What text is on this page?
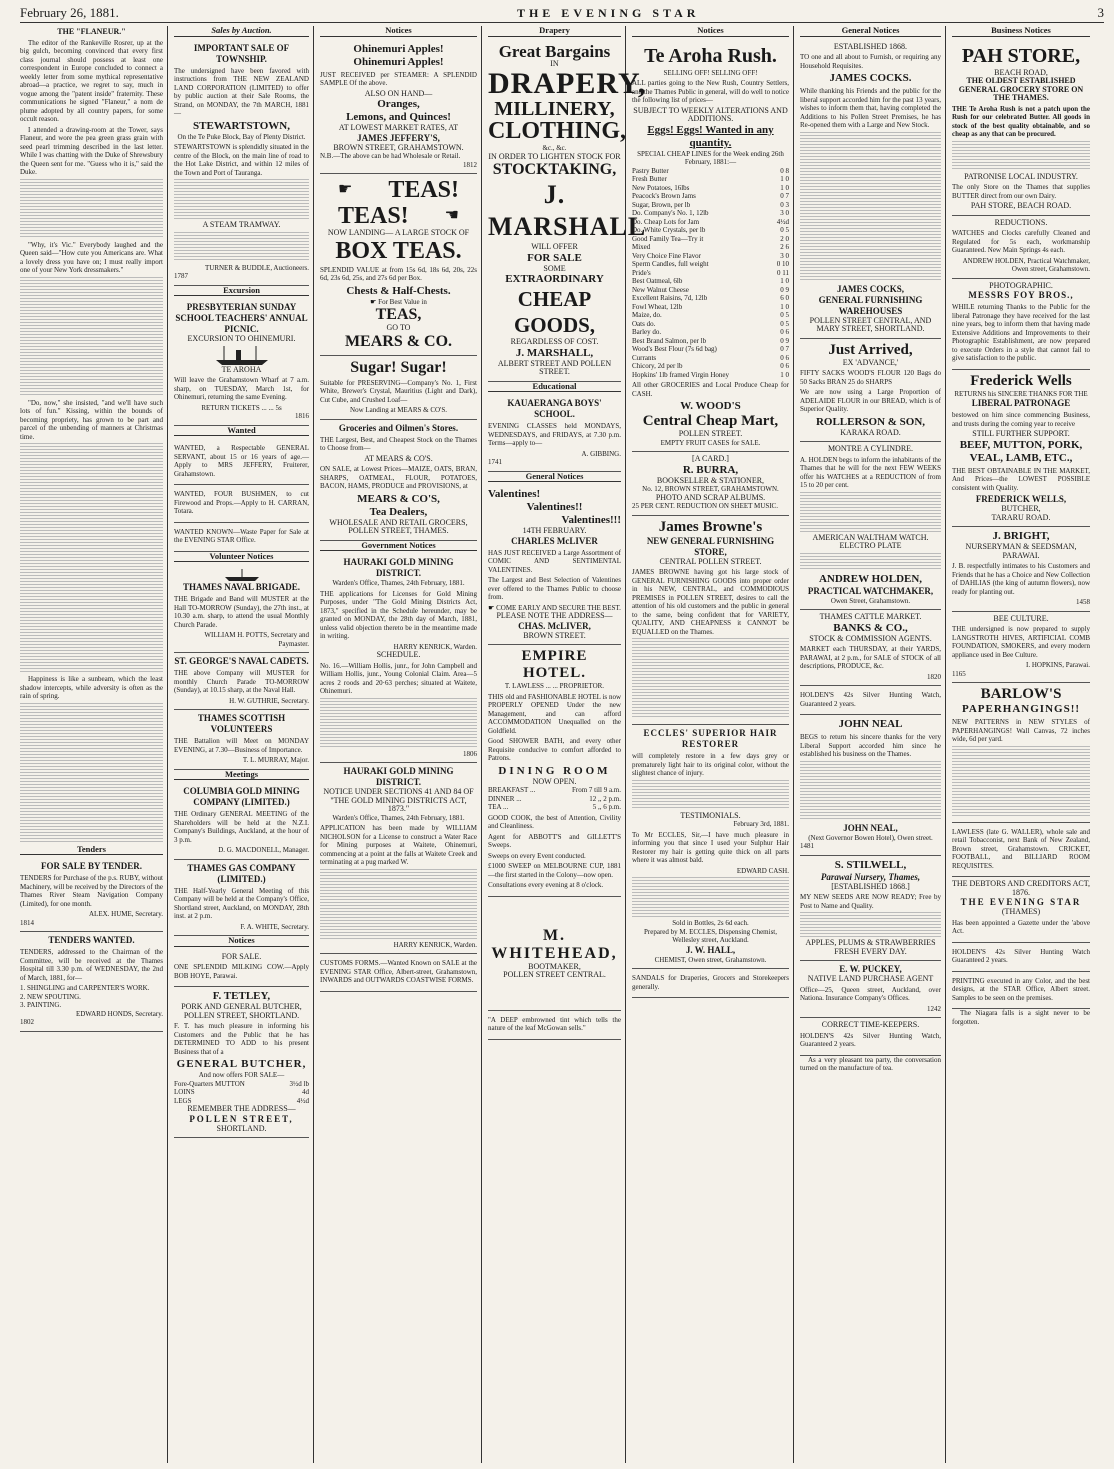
February 26, 1881.	THE EVENING STAR	3
THE "FLANEUR."

The editor of the Rankeville Rosrer, up at the big gulch, becoming convinced that every first class journal should possess at least one correspondent in Europe concluded to connect a weekly letter from some mythical representative abroad—a practice, we regret to say, much in vogue among the "patent inside" fraternity. These communications he signed "Flaneur," a nom de plume adopted by all country papers, for some occult reason.

I attended a drawing-room at the Tower, says Flaneur, and wore the pea green grass grain with seed pearl trimming described in the last letter. While I was chatting with the Duke of Shrewsbury the Queen sent for me. "Guess who it is," said the Duke.

"Why, it's Vic." Everybody laughed and the Queen said—"How cute you Americans are. What a lovely dress you have on; I must really import one of your New York dressmakers."

"Do, now," she insisted, "and we'll have such lots of fun." Kissing, within the bounds of becoming propriety, has grown to be part and parcel of the unbending of manners at Christmas time.

Happiness is like a sunbeam, which the least shadow intercepts, while adversity is often as the rain of spring.

Tenders
FOR SALE BY TENDER.

TENDERS for Purchase of the p.s. RUBY, without Machinery, will be received by the Directors of the Thames River Steam Navigation Company (Limited), for one month.

ALEX. HUME, Secretary.
1814
TENDERS WANTED.

TENDERS, addressed to the Chairman of the Committee, will be received at the Thames Hospital till 3.30 p.m. of WEDNESDAY, the 2nd of March, 1881, for—

1. SHINGLING and CARPENTER'S WORK.
2. NEW SPOUTING.
3. PAINTING.
EDWARD HONDS, Secretary.
1802
Sales by Auction.
IMPORTANT SALE OF TOWNSHIP.

The undersigned have been favored with instructions from THE NEW ZEALAND LAND CORPORATION (LIMITED) to offer by public auction at their Sale Rooms, the Strand, on MONDAY, the 7th MARCH, 1881—

STEWARTSTOWN,
On the Te Puke Block, Bay of Plenty District.

STEWARTSTOWN is splendidly situated in the centre of the Block, on the main line of road to the Hot Lake District, and within 12 miles of the Town and Port of Tauranga.

A STEAM TRAMWAY.
TURNER & BUDDLE, Auctioneers.
1787
Excursion
PRESBYTERIAN SUNDAY SCHOOL TEACHERS' ANNUAL PICNIC.
EXCURSION TO OHINEMURI.
TE AROHA

Will leave the Grahamstown Wharf at 7 a.m. sharp, on TUESDAY, March 1st, for Ohinemuri, returning the same Evening.

RETURN TICKETS ... ... 5s
1816
Wanted

WANTED, a Respectable GENERAL SERVANT, about 15 or 16 years of age.—Apply to MRS JEFFERY, Fruiterer, Grahamstown.

WANTED, FOUR BUSHMEN, to cut Firewood and Props.—Apply to H. CARRAN, Totara.

WANTED KNOWN—Waste Paper for Sale at the EVENING STAR Office.

Volunteer Notices
THAMES NAVAL BRIGADE.

THE Brigade and Band will MUSTER at the Hall TO-MORROW (Sunday), the 27th inst., at 10.30 a.m. sharp, to attend the usual Monthly Church Parade.

WILLIAM H. POTTS, Secretary and Paymaster.
ST. GEORGE'S NAVAL CADETS.

THE above Company will MUSTER for monthly Church Parade TO-MORROW (Sunday), at 10.15 sharp, at the Naval Hall.

H. W. GUTHRIE, Secretary.
THAMES SCOTTISH VOLUNTEERS

THE Battalion will Meet on MONDAY EVENING, at 7.30—Business of Importance.

T. L. MURRAY, Major.
Meetings
COLUMBIA GOLD MINING COMPANY (LIMITED.)

THE Ordinary GENERAL MEETING of the Shareholders will be held at the N.Z.I. Company's Buildings, Auckland, at the hour of 3 p.m.

D. G. MACDONELL, Manager.
THAMES GAS COMPANY (LIMITED.)

THE Half-Yearly General Meeting of this Company will be held at the Company's Office, Shortland street, Auckland, on MONDAY, 28th inst. at 2 p.m.

F. A. WHITE, Secretary.
Notices
FOR SALE.

ONE SPLENDID MILKING COW.—Apply BOB HOYE, Parawai.

F. TETLEY,
PORK AND GENERAL BUTCHER, POLLEN STREET, SHORTLAND.

F. T. has much pleasure in informing his Customers and the Public that he has DETERMINED TO ADD to his present Business that of a

GENERAL BUTCHER,
And now offers FOR SALE—
Fore-Quarters MUTTON	3½d lb
LOINS	4d
LEGS	4½d
REMEMBER THE ADDRESS—
POLLEN STREET,
SHORTLAND.
Notices
Ohinemuri Apples!
Ohinemuri Apples!

JUST RECEIVED per STEAMER: A SPLENDID SAMPLE Of the above.

ALSO ON HAND—
Oranges,
Lemons, and Quinces!
AT LOWEST MARKET RATES, AT
JAMES JEFFERY'S,
BROWN STREET, GRAHAMSTOWN.
N.B.—The above can be had Wholesale or Retail.
1812
☛ TEAS!
TEAS! ☚
NOW LANDING— A LARGE STOCK OF
BOX TEAS.

SPLENDID VALUE at from 15s 6d, 18s 6d, 20s, 22s 6d, 23s 6d, 25s, and 27s 6d per Box.

Chests & Half-Chests.
☛ For Best Value in
TEAS,
GO TO
MEARS & CO.
Sugar! Sugar!

Suitable for PRESERVING—Company's No. 1, First White, Brewer's Crystal, Mauritius (Light and Dark), Cut Cube, and Crushed Loaf—

Now Landing at MEARS & CO'S.
Groceries and Oilmen's Stores.

THE Largest, Best, and Cheapest Stock on the Thames to Choose from—

AT MEARS & CO'S.

ON SALE, at Lowest Prices—MAIZE, OATS, BRAN, SHARPS, OATMEAL, FLOUR, POTATOES, BACON, HAMS, PRODUCE and PROVISIONS, at

MEARS & CO'S,
Tea Dealers,
WHOLESALE AND RETAIL GROCERS, POLLEN STREET, THAMES.
Government Notices
HAURAKI GOLD MINING DISTRICT.
Warden's Office, Thames, 24th February, 1881.

THE applications for Licenses for Gold Mining Purposes, under "The Gold Mining Districts Act, 1873," specified in the Schedule hereunder, may be granted on MONDAY, the 28th day of March, 1881, unless valid objection thereto be in the meantime made in writing.

HARRY KENRICK, Warden.
SCHEDULE.

No. 16.—William Hollis, junr., for John Campbell and William Hollis, junr., Young Colonial Claim. Area—5 acres 2 roods and 20·63 perches; situated at Waitete, Ohinemuri.

1806
HAURAKI GOLD MINING DISTRICT.
NOTICE UNDER SECTIONS 41 AND 84 OF "THE GOLD MINING DISTRICTS ACT, 1873."
Warden's Office, Thames, 24th February, 1881.

APPLICATION has been made by WILLIAM NICHOLSON for a License to construct a Water Race for Mining purposes at Waitete, Ohinemuri, commencing at a point at the falls at Waitete Creek and terminating at a pug marked W.

HARRY KENRICK, Warden.

CUSTOMS FORMS.—Wanted Known on SALE at the EVENING STAR Office, Albert-street, Grahamstown, INWARDS and OUTWARDS COASTWISE FORMS.

Drapery
Great Bargains
IN
DRAPERY,
MILLINERY,
CLOTHING,
&c., &c.
IN ORDER TO LIGHTEN STOCK FOR
STOCKTAKING,
J. MARSHALL
WILL OFFER
FOR SALE
SOME
EXTRAORDINARY
CHEAP GOODS,
REGARDLESS OF COST.
J. MARSHALL,
ALBERT STREET AND POLLEN STREET.
Educational
KAUAERANGA BOYS' SCHOOL.

EVENING CLASSES held MONDAYS, WEDNESDAYS, and FRIDAYS, at 7.30 p.m. Terms—apply to—

A. GIBBING.
1741
General Notices
Valentines!
Valentines!!
Valentines!!!
14TH FEBRUARY.
CHARLES McLIVER

HAS JUST RECEIVED a Large Assortment of COMIC AND SENTIMENTAL VALENTINES.

The Largest and Best Selection of Valentines ever offered to the Thames Public to choose from.

☛ COME EARLY AND SECURE THE BEST.
PLEASE NOTE THE ADDRESS—
CHAS. McLIVER,
BROWN STREET.
EMPIRE HOTEL.
T. LAWLESS ... ... PROPRIETOR.

THIS old and FASHIONABLE HOTEL is now PROPERLY OPENED Under the new Management, and can afford ACCOMMODATION Unequalled on the Goldfield.

Good SHOWER BATH, and every other Requisite conducive to comfort afforded to Patrons.

DINING ROOM
NOW OPEN.
BREAKFAST ...	From 7 till 9 a.m.
DINNER ...	12 ,, 2 p.m.
TEA ...	5 ,, 6 p.m.

GOOD COOK, the best of Attention, Civility and Cleanliness.

Agent for ABBOTT'S and GILLETT'S Sweeps.

Sweeps on every Event conducted.

£1000 SWEEP on MELBOURNE CUP, 1881—the first started in the Colony—now open.

Consultations every evening at 8 o'clock.

M. WHITEHEAD,
BOOTMAKER,
POLLEN STREET CENTRAL.

"A DEEP embrowned tint which tells the nature of the leaf McGowan sells."

Notices
Te Aroha Rush.
SELLING OFF! SELLING OFF!

ALL parties going to the New Rush, Country Settlers, and the Thames Public in general, will do well to notice the following list of prices—

SUBJECT TO WEEKLY ALTERATIONS AND ADDITIONS.
Eggs! Eggs! Wanted in any quantity.
SPECIAL CHEAP LINES for the Week ending 26th February, 1881:—
Pastry Butter	0 8
Fresh Butter	1 0
New Potatoes, 16lbs	1 0
Peacock's Brown Jams	0 7
Sugar, Brown, per lb	0 3
Do. Company's No. 1, 12lb	3 0
Do. Cheap Lots for Jam	4½d
Do. White Crystals, per lb	0 5
Good Family Tea—Try it	2 0
Mixed	2 6
Very Choice Fine Flavor	3 0
Sperm Candles, full weight	0 10
Pride's	0 11
Best Oatmeal, 6lb	1 0
New Walnut Cheese	0 9
Excellent Raisins, 7d, 12lb	6 0
Fowl Wheat, 12lb	1 0
Maize, do.	0 5
Oats do.	0 5
Barley do.	0 6
Best Brand Salmon, per lb	0 9
Wood's Best Flour (7s 6d bag)	0 7
Currants	0 6
Chicory, 2d per lb	0 6
Hopkins' 1lb framed Virgin Honey	1 0

All other GROCERIES and Local Produce Cheap for CASH.

W. WOOD'S
Central Cheap Mart,
POLLEN STREET.
EMPTY FRUIT CASES for SALE.
[A CARD.]
R. BURRA,
BOOKSELLER & STATIONER,
No. 12, BROWN STREET, GRAHAMSTOWN.
PHOTO AND SCRAP ALBUMS.
25 PER CENT. REDUCTION ON SHEET MUSIC.
James Browne's
NEW GENERAL FURNISHING STORE,
CENTRAL POLLEN STREET.

JAMES BROWNE having got his large stock of GENERAL FURNISHING GOODS into proper order in his NEW, CENTRAL, and COMMODIOUS PREMISES in POLLEN STREET, desires to call the attention of his old customers and the public in general to the same, being confident that for VARIETY, QUALITY, AND CHEAPNESS it CANNOT be EQUALLED on the Thames.

ECCLES' SUPERIOR HAIR RESTORER

will completely restore in a few days grey or prematurely light hair to its original color, without the slightest chance of injury.

TESTIMONIALS.
February 3rd, 1881.

To Mr ECCLES, Sir,—I have much pleasure in informing you that since I used your Sulphur Hair Restorer my hair is getting quite thick on all parts where it was almost bald.

EDWARD CASH.
Sold in Bottles, 2s 6d each.
Prepared by M. ECCLES, Dispensing Chemist, Wellesley street, Auckland.
J. W. HALL,
CHEMIST, Owen street, Grahamstown.

SANDALS for Draperies, Grocers and Storekeepers generally.

General Notices
ESTABLISHED 1868.

TO one and all about to Furnish, or requiring any Household Requisites.

JAMES COCKS.

While thanking his Friends and the public for the liberal support accorded him for the past 13 years, wishes to inform them that, having completed the Additions to his Pollen Street Premises, he has Re-opened them with a Large and New Stock.

JAMES COCKS,
GENERAL FURNISHING WAREHOUSES
POLLEN STREET CENTRAL, AND MARY STREET, SHORTLAND.
Just Arrived,
EX 'ADVANCE,'

FIFTY SACKS WOOD'S FLOUR 120 Bags do 50 Sacks BRAN 25 do SHARPS

We are now using a Large Proportion of ADELAIDE FLOUR in our BREAD, which is of Superior Quality.

ROLLERSON & SON,
KARAKA ROAD.
MONTRE A CYLINDRE.

A. HOLDEN begs to inform the inhabitants of the Thames that he will for the next FEW WEEKS offer his WATCHES at a REDUCTION of from 15 to 20 per cent.

AMERICAN WALTHAM WATCH.
ELECTRO PLATE
ANDREW HOLDEN,
PRACTICAL WATCHMAKER,
Owen Street, Grahamstown.
THAMES CATTLE MARKET.
BANKS & CO.,
STOCK & COMMISSION AGENTS.

MARKET each THURSDAY, at their YARDS, PARAWAI, at 2 p.m., for SALE of STOCK of all descriptions, PRODUCE, &c.

1820

HOLDEN'S 42s Silver Hunting Watch, Guaranteed 2 years.

JOHN NEAL

BEGS to return his sincere thanks for the very Liberal Support accorded him since he established his business on the Thames.

JOHN NEAL,
(Next Governor Bowen Hotel), Owen street.
1481
S. STILWELL,
Parawai Nursery, Thames,
[ESTABLISHED 1868.]

MY NEW SEEDS ARE NOW READY; Free by Post to Name and Quality.

APPLES, PLUMS & STRAWBERRIES FRESH EVERY DAY.
E. W. PUCKEY,
NATIVE LAND PURCHASE AGENT

Office—25, Queen street, Auckland, over Nationa. Insurance Company's Offices.

1242
CORRECT TIME-KEEPERS.

HOLDEN'S 42s Silver Hunting Watch, Guaranteed 2 years.

As a very pleasant tea party, the conversation turned on the manufacture of tea.

Business Notices
PAH STORE,
BEACH ROAD,
THE OLDEST ESTABLISHED GENERAL GROCERY STORE ON THE THAMES.

THE Te Aroha Rush is not a patch upon the Rush for our celebrated Butter. All goods in stock of the best quality obtainable, and so cheap as any that can be procured.

PATRONISE LOCAL INDUSTRY.

The only Store on the Thames that supplies BUTTER direct from our own Dairy.

PAH STORE, BEACH ROAD.
REDUCTIONS.

WATCHES and Clocks carefully Cleaned and Regulated for 5s each, workmanship Guaranteed. New Main Springs 4s each.

ANDREW HOLDEN, Practical Watchmaker, Owen street, Grahamstown.
PHOTOGRAPHIC.
MESSRS FOY BROS.,

WHILE returning Thanks to the Public for the liberal Patronage they have received for the last nine years, beg to inform them that having made Extensive Additions and Improvements to their Photographic Establishment, are now prepared to execute Orders in a style that cannot fail to give satisfaction to the public.

Frederick Wells
RETURNS his SINCERE THANKS FOR THE
LIBERAL PATRONAGE

bestowed on him since commencing Business, and trusts during the coming year to receive

STILL FURTHER SUPPORT.
BEEF, MUTTON, PORK, VEAL, LAMB, ETC.,

THE BEST OBTAINABLE IN THE MARKET, And Prices—the LOWEST POSSIBLE consistent with Quality.

FREDERICK WELLS,
BUTCHER,
TARARU ROAD.
J. BRIGHT,
NURSERYMAN & SEEDSMAN,
PARAWAI.

J. B. respectfully intimates to his Customers and Friends that he has a Choice and New Collection of DAHLIAS (the king of autumn flowers), now ready for planting out.

1458
BEE CULTURE.

THE undersigned is now prepared to supply LANGSTROTH HIVES, ARTIFICIAL COMB FOUNDATION, SMOKERS, and every modern appliance used in Bee Culture.

I. HOPKINS, Parawai.
1165
BARLOW'S
PAPERHANGINGS!!

NEW PATTERNS in NEW STYLES of PAPERHANGINGS! Wall Canvas, 72 inches wide, 6d per yard.

LAWLESS (late G. WALLER), whole sale and retail Tobacconist, next Bank of New Zealand, Brown street, Grahamstown. CRICKET, FOOTBALL, and BILLIARD ROOM REQUISITES.

THE DEBTORS AND CREDITORS ACT, 1876.
THE EVENING STAR
(THAMES)

Has been appointed a Gazette under the 'above Act.

HOLDEN'S 42s Silver Hunting Watch Guaranteed 2 years.

PRINTING executed in any Color, and the best designs, at the STAR Office, Albert street. Samples to be seen on the premises.

The Niagara falls is a sight never to be forgotten.
